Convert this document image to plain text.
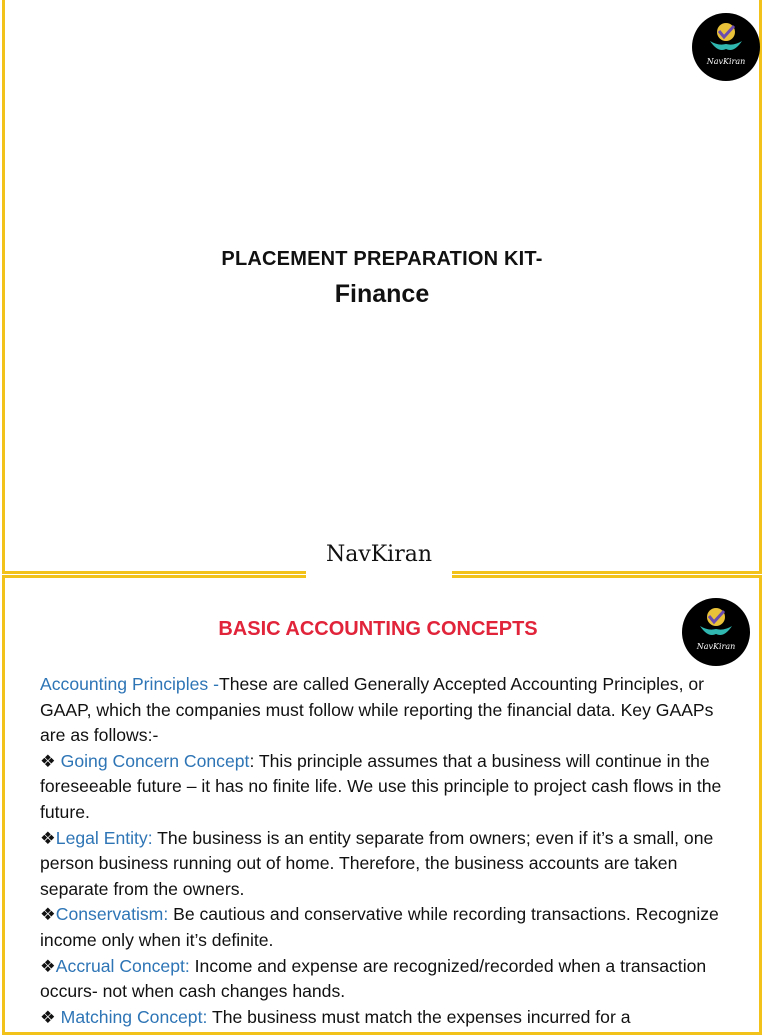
NavKiran
PLACEMENT PREPARATION KIT-
Finance
NavKiran
NavKiran
BASIC ACCOUNTING CONCEPTS

Accounting Principles -These are called Generally Accepted Accounting Principles, or GAAP, which the companies must follow while reporting the financial data. Key GAAPs are as follows:-

❖ Going Concern Concept: This principle assumes that a business will continue in the foreseeable future – it has no finite life. We use this principle to project cash flows in the future.

❖Legal Entity: The business is an entity separate from owners; even if it’s a small, one person business running out of home. Therefore, the business accounts are taken separate from the owners.

❖Conservatism: Be cautious and conservative while recording transactions. Recognize income only when it’s definite.

❖Accrual Concept: Income and expense are recognized/recorded when a transaction occurs- not when cash changes hands.

❖ Matching Concept: The business must match the expenses incurred for a
